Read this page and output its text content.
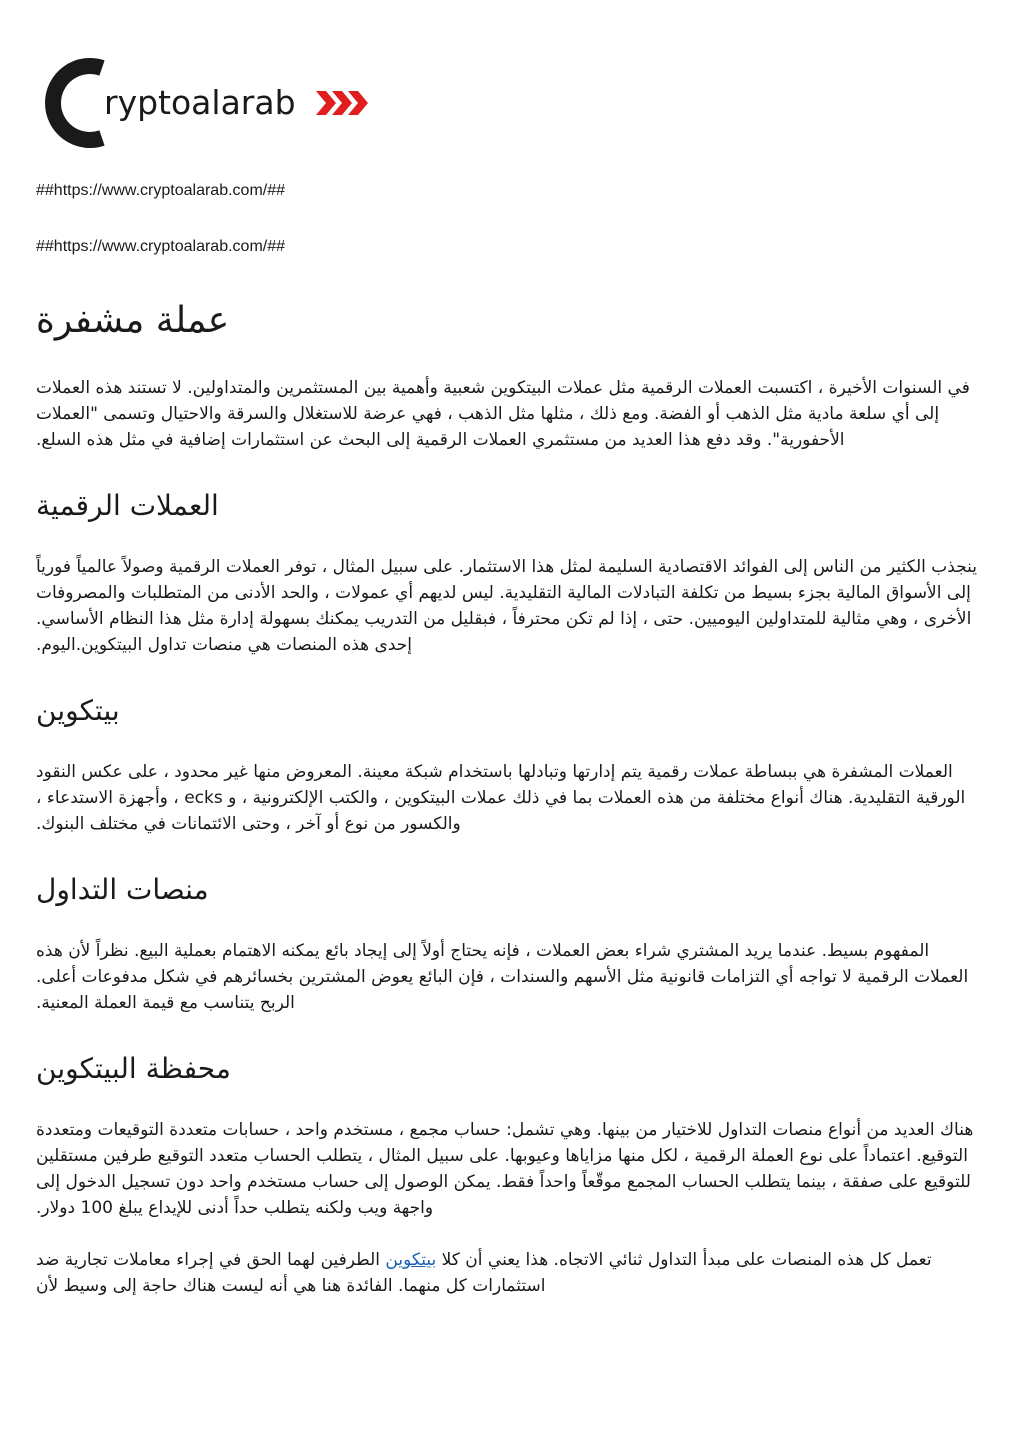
ryptoalarab
##https://www.cryptoalarab.com/##
##https://www.cryptoalarab.com/##
عملة مشفرة

في السنوات الأخيرة ، اكتسبت العملات الرقمية مثل عملات البيتكوين شعبية وأهمية بين المستثمرين والمتداولين. لا تستند هذه العملات إلى أي سلعة مادية مثل الذهب أو الفضة. ومع ذلك ، مثلها مثل الذهب ، فهي عرضة للاستغلال والسرقة والاحتيال وتسمى "العملات الأحفورية". وقد دفع هذا العديد من مستثمري العملات الرقمية إلى البحث عن استثمارات إضافية في مثل هذه السلع.

العملات الرقمية

ينجذب الكثير من الناس إلى الفوائد الاقتصادية السليمة لمثل هذا الاستثمار. على سبيل المثال ، توفر العملات الرقمية وصولاً عالمياً فورياً إلى الأسواق المالية بجزء بسيط من تكلفة التبادلات المالية التقليدية. ليس لديهم أي عمولات ، والحد الأدنى من المتطلبات والمصروفات الأخرى ، وهي مثالية للمتداولين اليوميين. حتى ، إذا لم تكن محترفاً ، فبقليل من التدريب يمكنك بسهولة إدارة مثل هذا النظام الأساسي. إحدى هذه المنصات هي منصات تداول البيتكوين.اليوم.

بيتكوين

العملات المشفرة هي ببساطة عملات رقمية يتم إدارتها وتبادلها باستخدام شبكة معينة. المعروض منها غير محدود ، على عكس النقود الورقية التقليدية. هناك أنواع مختلفة من هذه العملات بما في ذلك عملات البيتكوين ، والكتب الإلكترونية ، و ecks ، وأجهزة الاستدعاء ، والكسور من نوع أو آخر ، وحتى الائتمانات في مختلف البنوك.

منصات التداول

المفهوم بسيط. عندما يريد المشتري شراء بعض العملات ، فإنه يحتاج أولاً إلى إيجاد بائع يمكنه الاهتمام بعملية البيع. نظراً لأن هذه العملات الرقمية لا تواجه أي التزامات قانونية مثل الأسهم والسندات ، فإن البائع يعوض المشترين بخسائرهم في شكل مدفوعات أعلى. الربح يتناسب مع قيمة العملة المعنية.

محفظة البيتكوين

هناك العديد من أنواع منصات التداول للاختيار من بينها. وهي تشمل: حساب مجمع ، مستخدم واحد ، حسابات متعددة التوقيعات ومتعددة التوقيع. اعتماداً على نوع العملة الرقمية ، لكل منها مزاياها وعيوبها. على سبيل المثال ، يتطلب الحساب متعدد التوقيع طرفين مستقلين للتوقيع على صفقة ، بينما يتطلب الحساب المجمع موقّعاً واحداً فقط. يمكن الوصول إلى حساب مستخدم واحد دون تسجيل الدخول إلى واجهة ويب ولكنه يتطلب حداً أدنى للإيداع يبلغ 100 دولار.

تعمل كل هذه المنصات على مبدأ التداول ثنائي الاتجاه. هذا يعني أن كلا بيتكوين الطرفين لهما الحق في إجراء معاملات تجارية ضد استثمارات كل منهما. الفائدة هنا هي أنه ليست هناك حاجة إلى وسيط لأن
